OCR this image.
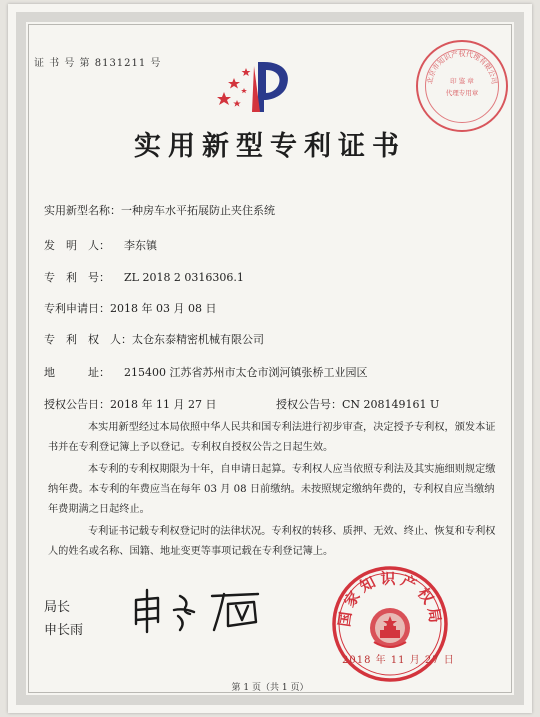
证 书 号 第 8131211 号
北京市知识产权代理有限公司
印 鉴 章
代理专用章
实用新型专利证书
实用新型名称：一种房车水平拓展防止夹住系统
发　明　人： 李东镇
专　利　号： ZL 2018 2 0316306.1
专利申请日：2018 年 03 月 08 日
专　利　权　人：太仓东泰精密机械有限公司
地　　　址： 215400 江苏省苏州市太仓市浏河镇张桥工业园区
授权公告日：2018 年 11 月 27 日	授权公告号：CN 208149161 U
本实用新型经过本局依照中华人民共和国专利法进行初步审查，决定授予专利权，颁发本证书并在专利登记簿上予以登记。专利权自授权公告之日起生效。
本专利的专利权期限为十年，自申请日起算。专利权人应当依照专利法及其实施细则规定缴纳年费。本专利的年费应当在每年 03 月 08 日前缴纳。未按照规定缴纳年费的，专利权自应当缴纳年费期满之日起终止。
专利证书记载专利权登记时的法律状况。专利权的转移、质押、无效、终止、恢复和专利权人的姓名或名称、国籍、地址变更等事项记载在专利登记簿上。
局长
申长雨
国家知识产权局
2018 年 11 月 27 日
第 1 页（共 1 页）
